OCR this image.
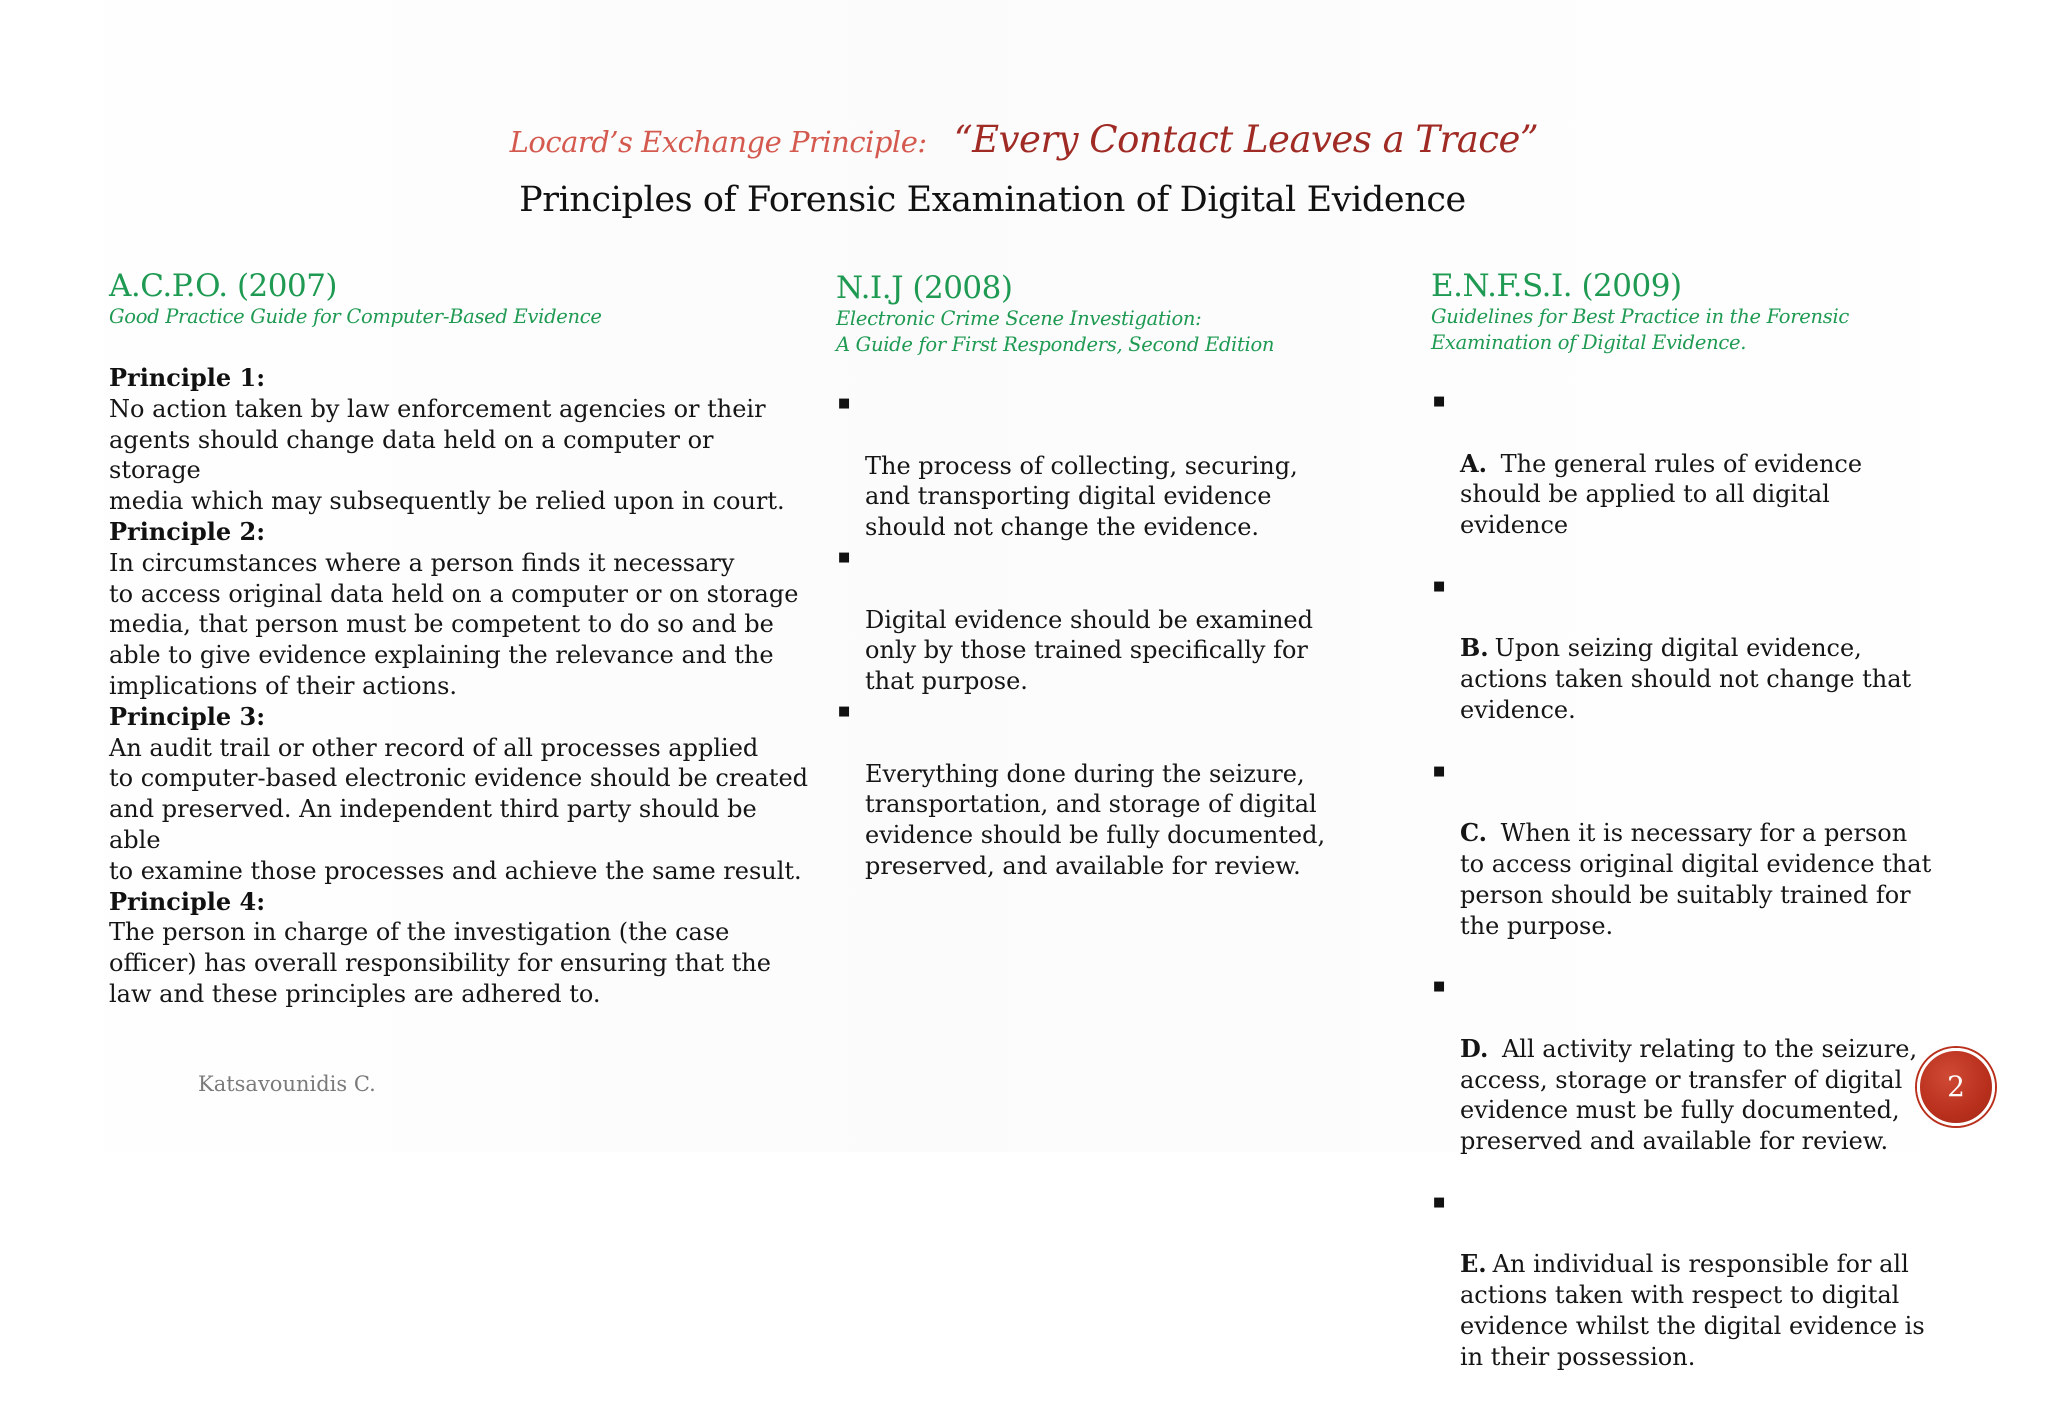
Locard’s Exchange Principle: “Every Contact Leaves a Trace”
Principles of Forensic Examination of Digital Evidence
A.C.P.O. (2007)
Good Practice Guide for Computer-Based Evidence
Principle 1:
No action taken by law enforcement agencies or their
agents should change data held on a computer or
storage
media which may subsequently be relied upon in court.
Principle 2:
In circumstances where a person finds it necessary
to access original data held on a computer or on storage
media, that person must be competent to do so and be
able to give evidence explaining the relevance and the
implications of their actions.
Principle 3:
An audit trail or other record of all processes applied
to computer-based electronic evidence should be created
and preserved. An independent third party should be
able
to examine those processes and achieve the same result.
Principle 4:
The person in charge of the investigation (the case
officer) has overall responsibility for ensuring that the
law and these principles are adhered to.
N.I.J (2008)
Electronic Crime Scene Investigation:
A Guide for First Responders, Second Edition

■

The process of collecting, securing,
and transporting digital evidence
should not change the evidence.

■

Digital evidence should be examined
only by those trained specifically for
that purpose.

■

Everything done during the seizure,
transportation, and storage of digital
evidence should be fully documented,
preserved, and available for review.

E.N.F.S.I. (2009)
Guidelines for Best Practice in the Forensic
Examination of Digital Evidence.

■

A. The general rules of evidence
should be applied to all digital
evidence

■

B. Upon seizing digital evidence,
actions taken should not change that
evidence.

■

C. When it is necessary for a person
to access original digital evidence that
person should be suitably trained for
the purpose.

■

D. All activity relating to the seizure,
access, storage or transfer of digital
evidence must be fully documented,
preserved and available for review.

■

E. An individual is responsible for all
actions taken with respect to digital
evidence whilst the digital evidence is
in their possession.

Katsavounidis C.	2
